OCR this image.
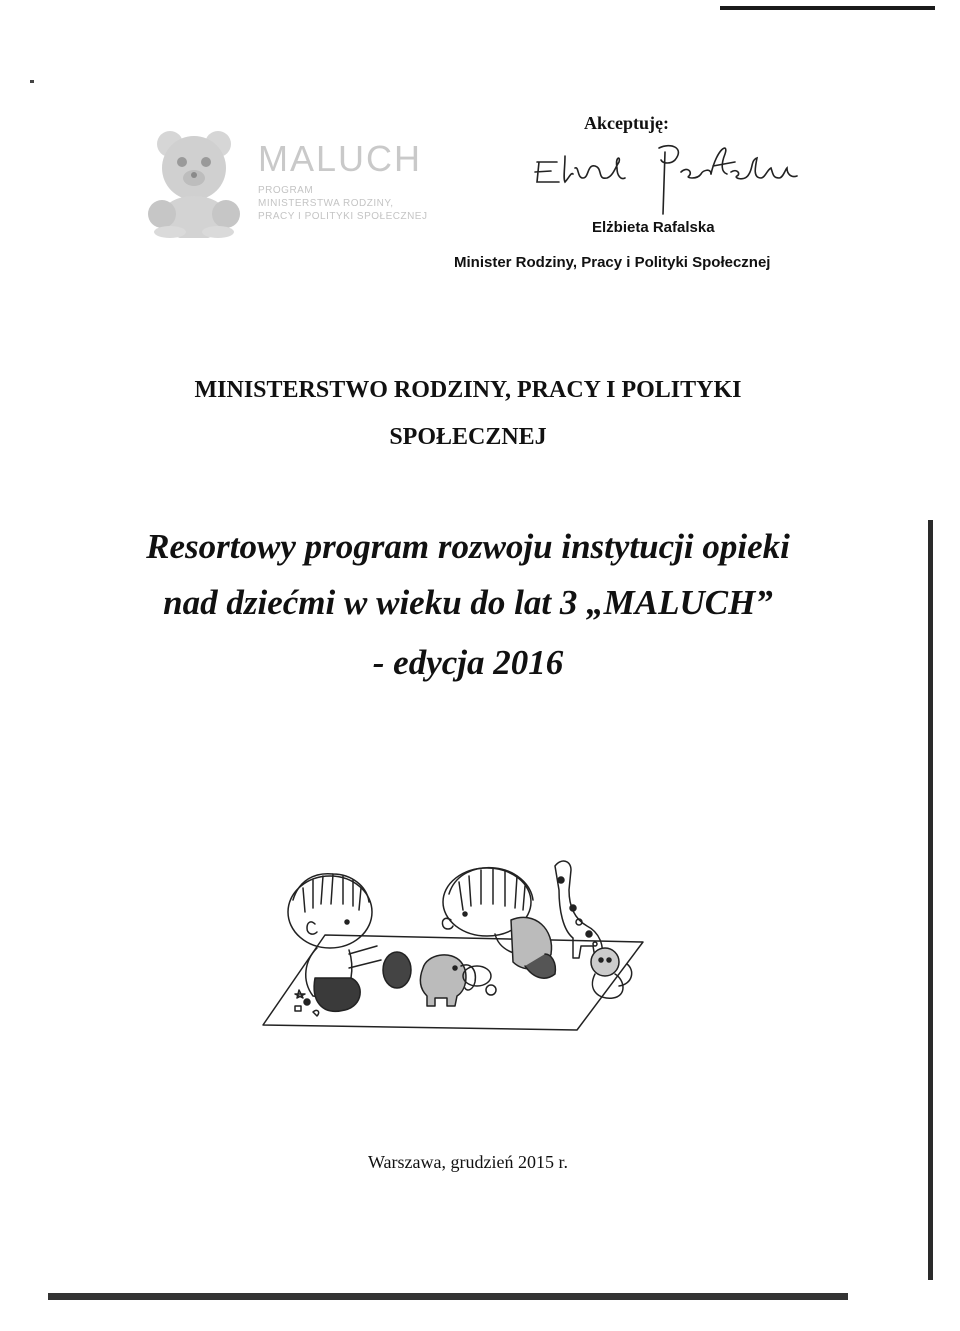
MALUCH
PROGRAM
MINISTERSTWA RODZINY,
PRACY I POLITYKI SPOŁECZNEJ
Akceptuję:
Elżbieta Rafalska
Minister Rodziny, Pracy i Polityki Społecznej
MINISTERSTWO RODZINY, PRACY I POLITYKI
SPOŁECZNEJ
Resortowy program rozwoju instytucji opieki
nad dziećmi w wieku do lat 3 „MALUCH”
- edycja 2016
Warszawa, grudzień 2015 r.
